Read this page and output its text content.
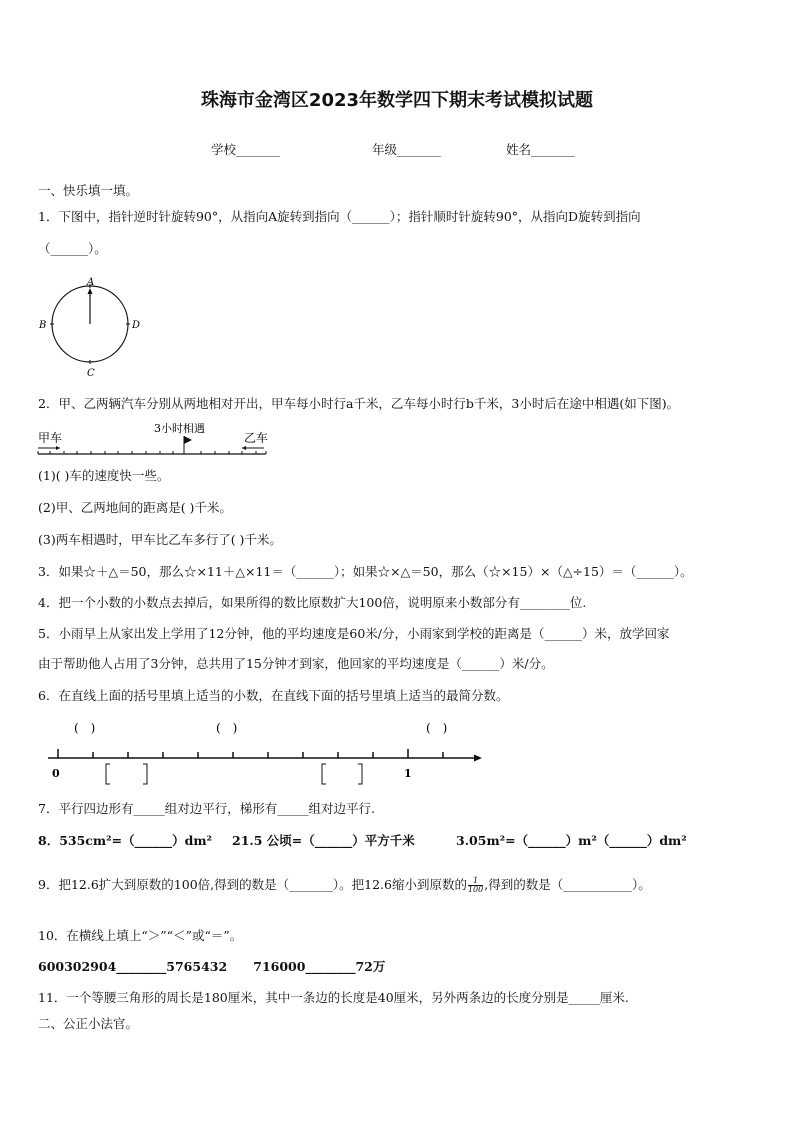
珠海市金湾区2023年数学四下期末考试模拟试题
学校_______	年级_______	姓名_______
一、快乐填一填。
1．下图中，指针逆时针旋转90°，从指向A旋转到指向（______）；指针顺时针旋转90°，从指向D旋转到指向
（______）。
A
B	D
C
2．甲、乙两辆汽车分别从两地相对开出，甲车每小时行a千米，乙车每小时行b千米，3小时后在途中相遇(如下图)。
甲车
3小时相遇
乙车
(1)( )车的速度快一些。
(2)甲、乙两地间的距离是( )千米。
(3)两车相遇时，甲车比乙车多行了( )千米。
3．如果☆＋△＝50，那么☆×11＋△×11＝（______）；如果☆×△＝50，那么（☆×15）×（△÷15）＝（______）。
4．把一个小数的小数点去掉后，如果所得的数比原数扩大100倍，说明原来小数部分有________位.
5．小雨早上从家出发上学用了12分钟，他的平均速度是60米/分，小雨家到学校的距离是（______）米，放学回家
由于帮助他人占用了3分钟，总共用了15分钟才到家，他回家的平均速度是（______）米/分。
6．在直线上面的括号里填上适当的小数，在直线下面的括号里填上适当的最简分数。
(　)	(　)	(　)
0	1
7．平行四边形有_____组对边平行，梯形有_____组对边平行.
8．535cm²=（______）dm² 21.5 公顷=（______）平方千米	3.05m²=（______）m²（______）dm²
9．把12.6扩大到原数的100倍,得到的数是（_______）。把12.6缩小到原数的 $\frac{1}{100}$ ,得到的数是（___________）。
10．在横线上填上“＞”“＜”或“＝”。
600302904________5765432      716000________72万
11．一个等腰三角形的周长是180厘米，其中一条边的长度是40厘米，另外两条边的长度分别是_____厘米.
二、公正小法官。
